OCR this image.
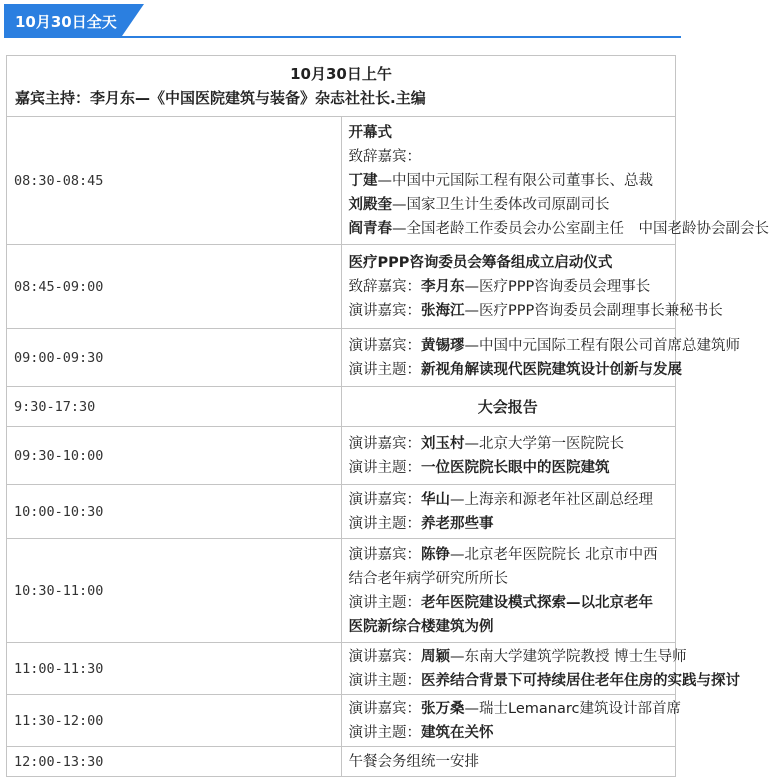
10月30日全天
10月30日上午
嘉宾主持：李月东—《中国医院建筑与装备》杂志社社长.主编	

08:30-08:45	开幕式
致辞嘉宾：
丁建—中国中元国际工程有限公司董事长、总裁
刘殿奎—国家卫生计生委体改司原副司长
阎青春—全国老龄工作委员会办公室副主任　中国老龄协会副会长

08:45-09:00	医疗PPP咨询委员会筹备组成立启动仪式
致辞嘉宾：李月东—医疗PPP咨询委员会理事长
演讲嘉宾：张海江—医疗PPP咨询委员会副理事长兼秘书长

09:00-09:30	演讲嘉宾：黄锡璆—中国中元国际工程有限公司首席总建筑师
演讲主题：新视角解读现代医院建筑设计创新与发展

9:30-17:30	大会报告
09:30-10:00	演讲嘉宾：刘玉村—北京大学第一医院院长
演讲主题：一位医院院长眼中的医院建筑

10:00-10:30	演讲嘉宾：华山—上海亲和源老年社区副总经理
演讲主题：养老那些事

10:30-11:00	演讲嘉宾：陈铮—北京老年医院院长 北京市中西结合老年病学研究所所长
演讲主题：老年医院建设模式探索—以北京老年医院新综合楼建筑为例

11:00-11:30	演讲嘉宾：周颖—东南大学建筑学院教授 博士生导师
演讲主题：医养结合背景下可持续居住老年住房的实践与探讨

11:30-12:00	演讲嘉宾：张万桑—瑞士Lemanarc建筑设计部首席
演讲主题：建筑在关怀

12:00-13:30	午餐会务组统一安排
